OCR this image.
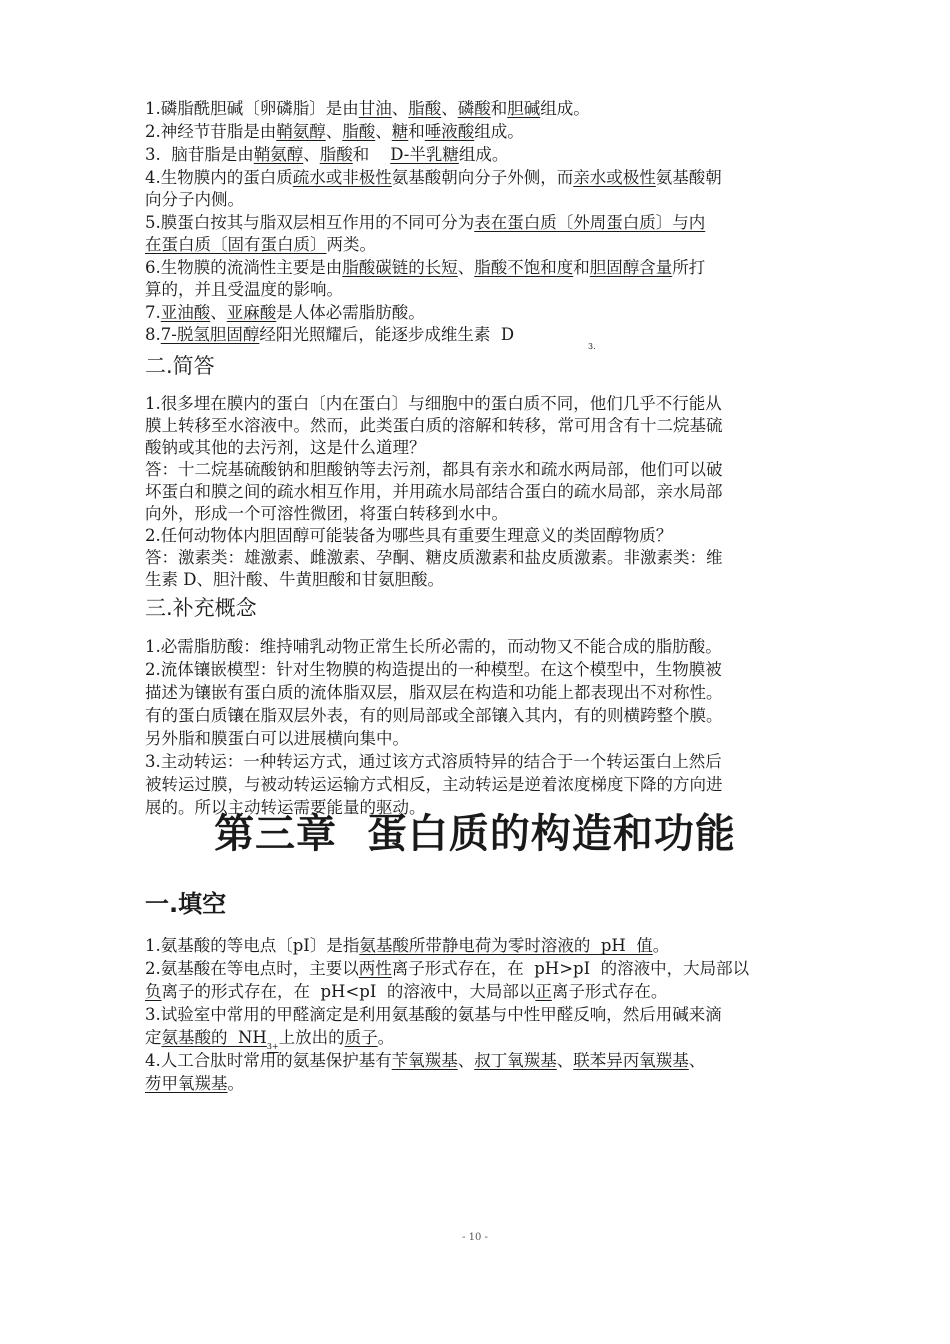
1.磷脂酰胆碱〔卵磷脂〕是由甘油、脂酸、磷酸和胆碱组成。
2.神经节苷脂是由鞘氨醇、脂酸、糖和唾液酸组成。
3.  脑苷脂是由鞘氨醇、脂酸和    D-半乳糖组成。
4.生物膜内的蛋白质疏水或非极性氨基酸朝向分子外侧，而亲水或极性氨基酸朝
向分子内侧。
5.膜蛋白按其与脂双层相互作用的不同可分为表在蛋白质〔外周蛋白质〕与内
在蛋白质〔固有蛋白质〕两类。
6.生物膜的流淌性主要是由脂酸碳链的长短、脂酸不饱和度和胆固醇含量所打
算的，并且受温度的影响。
7.亚油酸、亚麻酸是人体必需脂肪酸。
8.7-脱氢胆固醇经阳光照耀后，能逐步成维生素  D
3.
二.简答
1.很多埋在膜内的蛋白〔内在蛋白〕与细胞中的蛋白质不同，他们几乎不行能从
膜上转移至水溶液中。然而，此类蛋白质的溶解和转移，常可用含有十二烷基硫
酸钠或其他的去污剂，这是什么道理？
答：十二烷基硫酸钠和胆酸钠等去污剂，都具有亲水和疏水两局部，他们可以破
坏蛋白和膜之间的疏水相互作用，并用疏水局部结合蛋白的疏水局部，亲水局部
向外，形成一个可溶性微团，将蛋白转移到水中。
2.任何动物体内胆固醇可能装备为哪些具有重要生理意义的类固醇物质？
答：激素类：雄激素、雌激素、孕酮、糖皮质激素和盐皮质激素。非激素类：维
生素 D、胆汁酸、牛黄胆酸和甘氨胆酸。
三.补充概念
1.必需脂肪酸：维持哺乳动物正常生长所必需的，而动物又不能合成的脂肪酸。
2.流体镶嵌模型：针对生物膜的构造提出的一种模型。在这个模型中，生物膜被
描述为镶嵌有蛋白质的流体脂双层，脂双层在构造和功能上都表现出不对称性。
有的蛋白质镶在脂双层外表，有的则局部或全部镶入其内，有的则横跨整个膜。
另外脂和膜蛋白可以进展横向集中。
3.主动转运：一种转运方式，通过该方式溶质特异的结合于一个转运蛋白上然后
被转运过膜，与被动转运运输方式相反，主动转运是逆着浓度梯度下降的方向进
展的。所以主动转运需要能量的驱动。
第三章  蛋白质的构造和功能
一.填空
1.氨基酸的等电点〔pI〕是指氨基酸所带静电荷为零时溶液的  pH  值。
2.氨基酸在等电点时，主要以两性离子形式存在，在  pH>pI  的溶液中，大局部以
负离子的形式存在，在  pH<pI  的溶液中，大局部以正离子形式存在。
3.试验室中常用的甲醛滴定是利用氨基酸的氨基与中性甲醛反响，然后用碱来滴
定氨基酸的  $NH_{3+}$上放出的质子。
4.人工合肽时常用的氨基保护基有苄氧羰基、叔丁氧羰基、联苯异丙氧羰基、
芴甲氧羰基。
- 10 -
